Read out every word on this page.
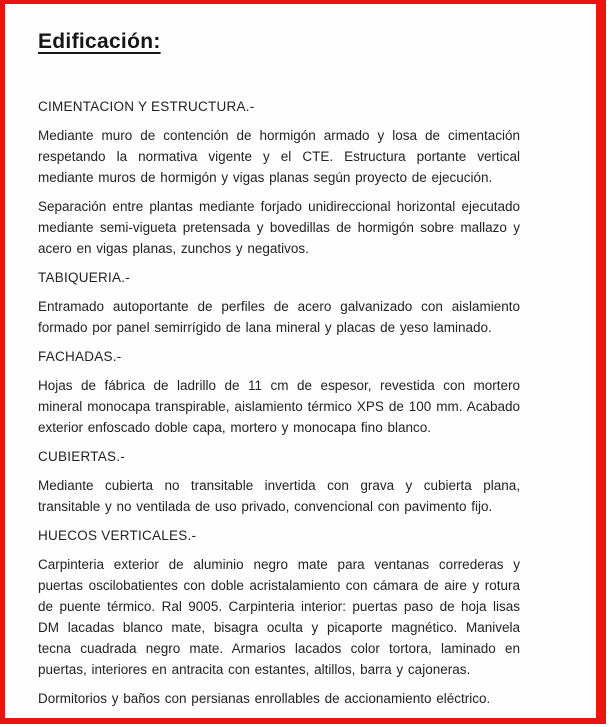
Edificación:
CIMENTACION Y ESTRUCTURA.-

Mediante muro de contención de hormigón armado y losa de cimentación respetando la normativa vigente y el CTE. Estructura portante vertical mediante muros de hormigón y vigas planas según proyecto de ejecución.

Separación entre plantas mediante forjado unidireccional horizontal ejecutado mediante semi-vigueta pretensada y bovedillas de hormigón sobre mallazo y acero en vigas planas, zunchos y negativos.

TABIQUERIA.-

Entramado autoportante de perfiles de acero galvanizado con aislamiento formado por panel semirrígido de lana mineral y placas de yeso laminado.

FACHADAS.-

Hojas de fábrica de ladrillo de 11 cm de espesor, revestida con mortero mineral monocapa transpirable, aislamiento térmico XPS de 100 mm. Acabado exterior enfoscado doble capa, mortero y monocapa fino blanco.

CUBIERTAS.-

Mediante cubierta no transitable invertida con grava y cubierta plana, transitable y no ventilada de uso privado, convencional con pavimento fijo.

HUECOS VERTICALES.-

Carpinteria exterior de aluminio negro mate para ventanas correderas y puertas oscilobatientes con doble acristalamiento con cámara de aire y rotura de puente térmico. Ral 9005. Carpinteria interior: puertas paso de hoja lisas DM lacadas blanco mate, bisagra oculta y picaporte magnético. Manivela tecna cuadrada negro mate. Armarios lacados color tortora, laminado en puertas, interiores en antracita con estantes, altillos, barra y cajoneras.

Dormitorios y baños con persianas enrollables de accionamiento eléctrico.
